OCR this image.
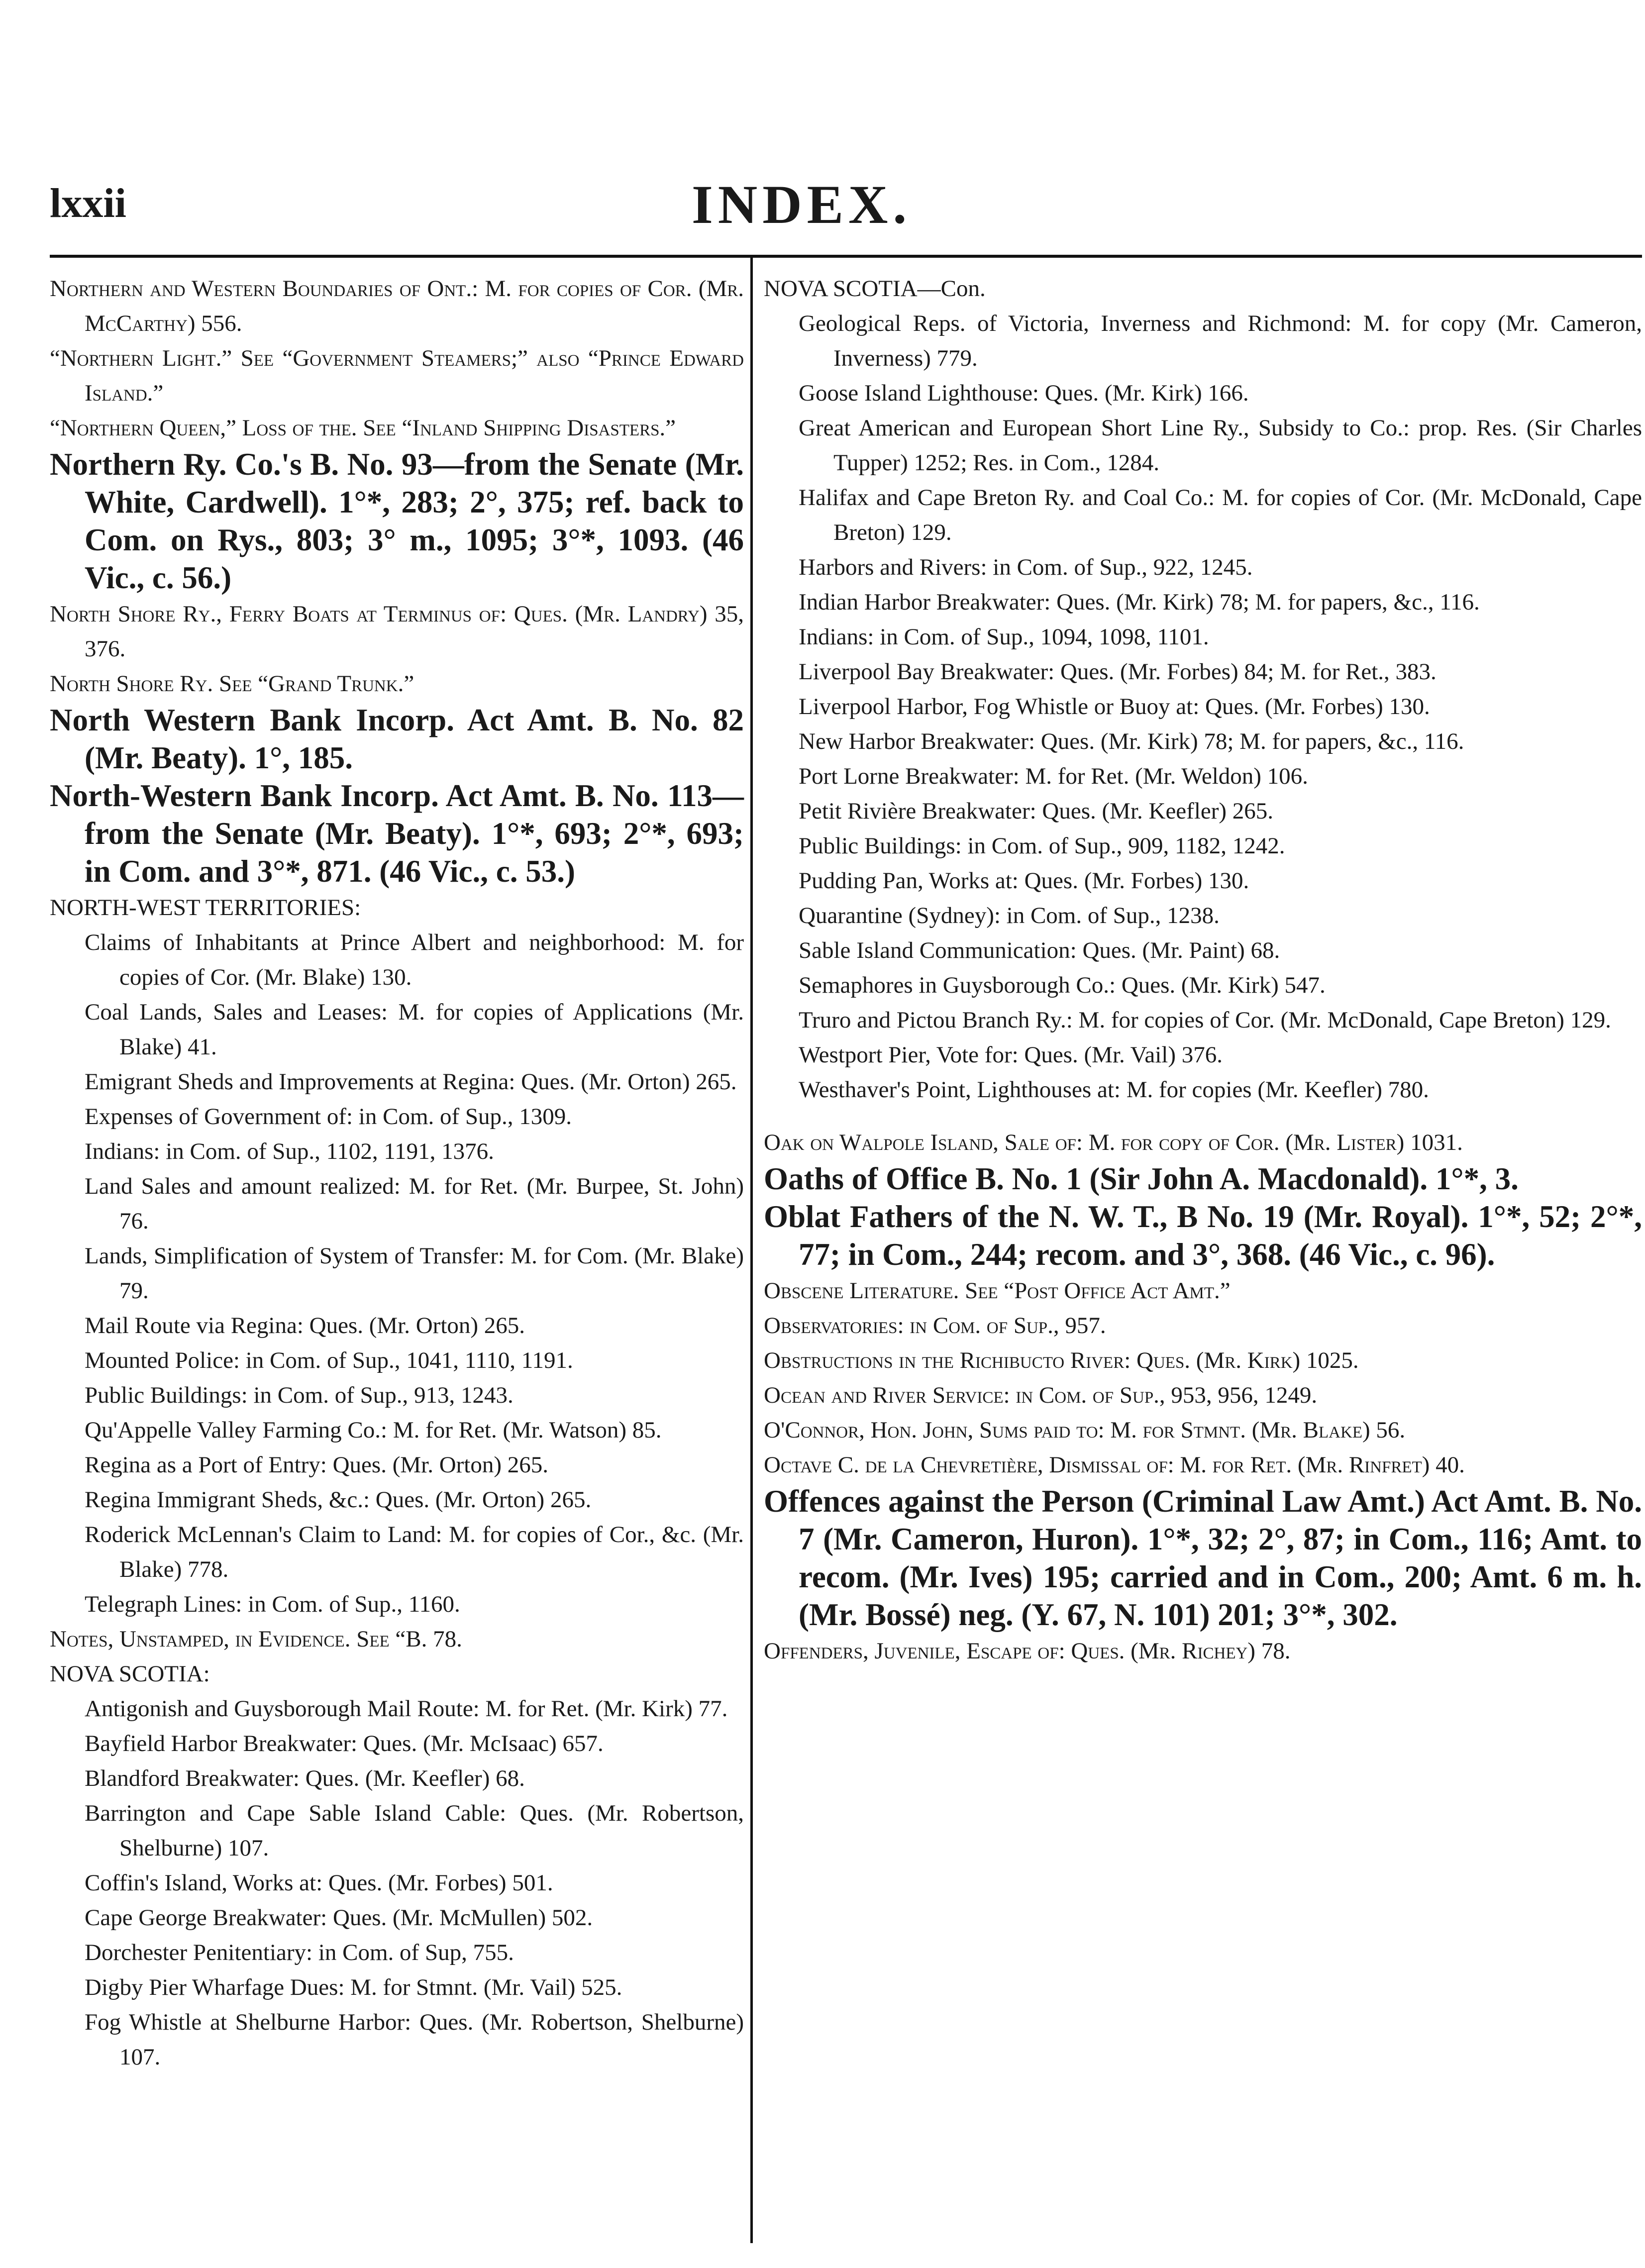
lxxii	INDEX.
Northern and Western Boundaries of Ont.: M. for copies of Cor. (Mr. McCarthy) 556.
“Northern Light.” See “Government Steamers;” also “Prince Edward Island.”
“Northern Queen,” Loss of the. See “Inland Shipping Disasters.”
Northern Ry. Co.'s B. No. 93—from the Senate (Mr. White, Cardwell). 1°*, 283; 2°, 375; ref. back to Com. on Rys., 803; 3° m., 1095; 3°*, 1093. (46 Vic., c. 56.)
North Shore Ry., Ferry Boats at Terminus of: Ques. (Mr. Landry) 35, 376.
North Shore Ry. See “Grand Trunk.”
North Western Bank Incorp. Act Amt. B. No. 82 (Mr. Beaty). 1°, 185.
North-Western Bank Incorp. Act Amt. B. No. 113—from the Senate (Mr. Beaty). 1°*, 693; 2°*, 693; in Com. and 3°*, 871. (46 Vic., c. 53.)
NORTH-WEST TERRITORIES:
Claims of Inhabitants at Prince Albert and neighborhood: M. for copies of Cor. (Mr. Blake) 130.
Coal Lands, Sales and Leases: M. for copies of Applications (Mr. Blake) 41.
Emigrant Sheds and Improvements at Regina: Ques. (Mr. Orton) 265.
Expenses of Government of: in Com. of Sup., 1309.
Indians: in Com. of Sup., 1102, 1191, 1376.
Land Sales and amount realized: M. for Ret. (Mr. Burpee, St. John) 76.
Lands, Simplification of System of Transfer: M. for Com. (Mr. Blake) 79.
Mail Route via Regina: Ques. (Mr. Orton) 265.
Mounted Police: in Com. of Sup., 1041, 1110, 1191.
Public Buildings: in Com. of Sup., 913, 1243.
Qu'Appelle Valley Farming Co.: M. for Ret. (Mr. Watson) 85.
Regina as a Port of Entry: Ques. (Mr. Orton) 265.
Regina Immigrant Sheds, &c.: Ques. (Mr. Orton) 265.
Roderick McLennan's Claim to Land: M. for copies of Cor., &c. (Mr. Blake) 778.
Telegraph Lines: in Com. of Sup., 1160.
Notes, Unstamped, in Evidence. See “B. 78.
NOVA SCOTIA:
Antigonish and Guysborough Mail Route: M. for Ret. (Mr. Kirk) 77.
Bayfield Harbor Breakwater: Ques. (Mr. McIsaac) 657.
Blandford Breakwater: Ques. (Mr. Keefler) 68.
Barrington and Cape Sable Island Cable: Ques. (Mr. Robertson, Shelburne) 107.
Coffin's Island, Works at: Ques. (Mr. Forbes) 501.
Cape George Breakwater: Ques. (Mr. McMullen) 502.
Dorchester Penitentiary: in Com. of Sup, 755.
Digby Pier Wharfage Dues: M. for Stmnt. (Mr. Vail) 525.
Fog Whistle at Shelburne Harbor: Ques. (Mr. Robertson, Shelburne) 107.
NOVA SCOTIA—Con.
Geological Reps. of Victoria, Inverness and Richmond: M. for copy (Mr. Cameron, Inverness) 779.
Goose Island Lighthouse: Ques. (Mr. Kirk) 166.
Great American and European Short Line Ry., Subsidy to Co.: prop. Res. (Sir Charles Tupper) 1252; Res. in Com., 1284.
Halifax and Cape Breton Ry. and Coal Co.: M. for copies of Cor. (Mr. McDonald, Cape Breton) 129.
Harbors and Rivers: in Com. of Sup., 922, 1245.
Indian Harbor Breakwater: Ques. (Mr. Kirk) 78; M. for papers, &c., 116.
Indians: in Com. of Sup., 1094, 1098, 1101.
Liverpool Bay Breakwater: Ques. (Mr. Forbes) 84; M. for Ret., 383.
Liverpool Harbor, Fog Whistle or Buoy at: Ques. (Mr. Forbes) 130.
New Harbor Breakwater: Ques. (Mr. Kirk) 78; M. for papers, &c., 116.
Port Lorne Breakwater: M. for Ret. (Mr. Weldon) 106.
Petit Rivière Breakwater: Ques. (Mr. Keefler) 265.
Public Buildings: in Com. of Sup., 909, 1182, 1242.
Pudding Pan, Works at: Ques. (Mr. Forbes) 130.
Quarantine (Sydney): in Com. of Sup., 1238.
Sable Island Communication: Ques. (Mr. Paint) 68.
Semaphores in Guysborough Co.: Ques. (Mr. Kirk) 547.
Truro and Pictou Branch Ry.: M. for copies of Cor. (Mr. McDonald, Cape Breton) 129.
Westport Pier, Vote for: Ques. (Mr. Vail) 376.
Westhaver's Point, Lighthouses at: M. for copies (Mr. Keefler) 780.
Oak on Walpole Island, Sale of: M. for copy of Cor. (Mr. Lister) 1031.
Oaths of Office B. No. 1 (Sir John A. Macdonald). 1°*, 3.
Oblat Fathers of the N. W. T., B No. 19 (Mr. Royal). 1°*, 52; 2°*, 77; in Com., 244; recom. and 3°, 368. (46 Vic., c. 96).
Obscene Literature. See “Post Office Act Amt.”
Observatories: in Com. of Sup., 957.
Obstructions in the Richibucto River: Ques. (Mr. Kirk) 1025.
Ocean and River Service: in Com. of Sup., 953, 956, 1249.
O'Connor, Hon. John, Sums paid to: M. for Stmnt. (Mr. Blake) 56.
Octave C. de la Chevretière, Dismissal of: M. for Ret. (Mr. Rinfret) 40.
Offences against the Person (Criminal Law Amt.) Act Amt. B. No. 7 (Mr. Cameron, Huron). 1°*, 32; 2°, 87; in Com., 116; Amt. to recom. (Mr. Ives) 195; carried and in Com., 200; Amt. 6 m. h. (Mr. Bossé) neg. (Y. 67, N. 101) 201; 3°*, 302.
Offenders, Juvenile, Escape of: Ques. (Mr. Richey) 78.
